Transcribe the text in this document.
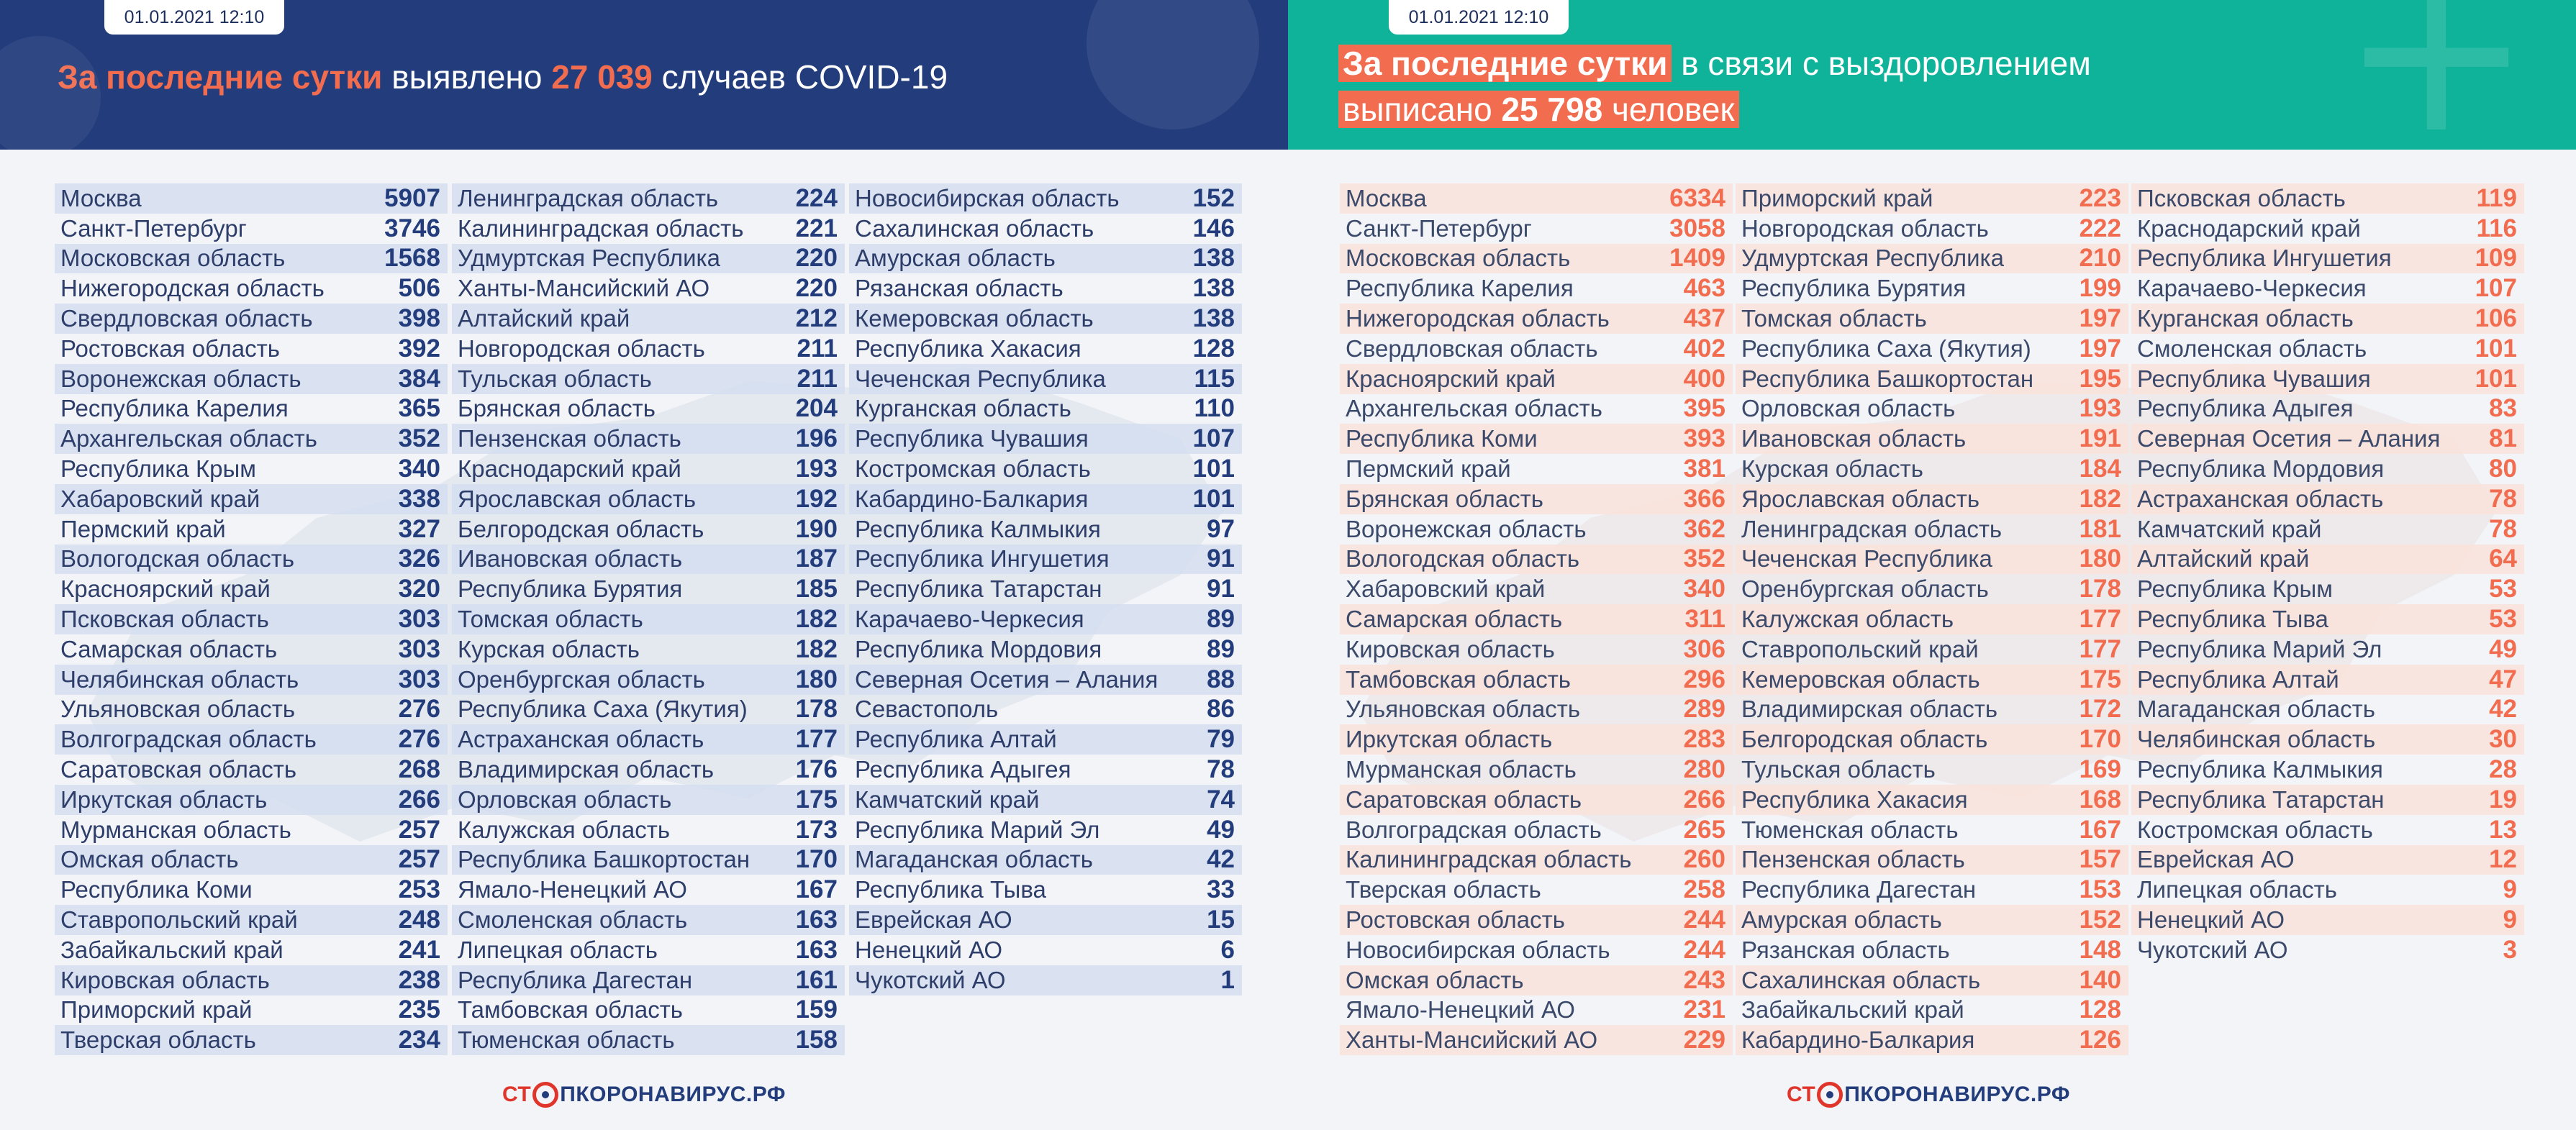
01.01.2021 12:10
За последние сутки выявлено 27 039 случаев COVID-19
Москва	5907
Санкт-Петербург	3746
Московская область	1568
Нижегородская область	506
Свердловская область	398
Ростовская область	392
Воронежская область	384
Республика Карелия	365
Архангельская область	352
Республика Крым	340
Хабаровский край	338
Пермский край	327
Вологодская область	326
Красноярский край	320
Псковская область	303
Самарская область	303
Челябинская область	303
Ульяновская область	276
Волгоградская область	276
Саратовская область	268
Иркутская область	266
Мурманская область	257
Омская область	257
Республика Коми	253
Ставропольский край	248
Забайкальский край	241
Кировская область	238
Приморский край	235
Тверская область	234
Ленинградская область	224
Калининградская область 221
Удмуртская Республика	220
Ханты-Мансийский АО	220
Алтайский край	212
Новгородская область	211
Тульская область	211
Брянская область	204
Пензенская область	196
Краснодарский край	193
Ярославская область	192
Белгородская область	190
Ивановская область	187
Республика Бурятия	185
Томская область	182
Курская область	182
Оренбургская область	180
Республика Саха (Якутия) 178
Астраханская область	177
Владимирская область	176
Орловская область	175
Калужская область	173
Республика Башкортостан 170
Ямало-Ненецкий АО	167
Смоленская область	163
Липецкая область	163
Республика Дагестан	161
Тамбовская область	159
Тюменская область	158
Новосибирская область	152
Сахалинская область	146
Амурская область	138
Рязанская область	138
Кемеровская область	138
Республика Хакасия	128
Чеченская Республика	115
Курганская область	110
Республика Чувашия	107
Костромская область	101
Кабардино-Балкария	101
Республика Калмыкия	97
Республика Ингушетия	91
Республика Татарстан	91
Карачаево-Черкесия	89
Республика Мордовия	89
Северная Осетия – Алания 88
Севастополь	86
Республика Алтай	79
Республика Адыгея	78
Камчатский край	74
Республика Марий Эл	49
Магаданская область	42
Республика Тыва	33
Еврейская АО	15
Ненецкий АО	6
Чукотский АО	1
СТ ПКОРОНАВИРУС.РФ
+ 01.01.2021 12:10
За последние сутки в связи с выздоровлением
выписано 25 798 человек
Москва	6334
Санкт-Петербург	3058
Московская область	1409
Республика Карелия	463
Нижегородская область	437
Свердловская область	402
Красноярский край	400
Архангельская область	395
Республика Коми	393
Пермский край	381
Брянская область	366
Воронежская область	362
Вологодская область	352
Хабаровский край	340
Самарская область	311
Кировская область	306
Тамбовская область	296
Ульяновская область	289
Иркутская область	283
Мурманская область	280
Саратовская область	266
Волгоградская область	265
Калининградская область 260
Тверская область	258
Ростовская область	244
Новосибирская область	244
Омская область	243
Ямало-Ненецкий АО	231
Ханты-Мансийский АО	229
Приморский край	223
Новгородская область	222
Удмуртская Республика	210
Республика Бурятия	199
Томская область	197
Республика Саха (Якутия) 197
Республика Башкортостан 195
Орловская область	193
Ивановская область	191
Курская область	184
Ярославская область	182
Ленинградская область	181
Чеченская Республика	180
Оренбургская область	178
Калужская область	177
Ставропольский край	177
Кемеровская область	175
Владимирская область	172
Белгородская область	170
Тульская область	169
Республика Хакасия	168
Тюменская область	167
Пензенская область	157
Республика Дагестан	153
Амурская область	152
Рязанская область	148
Сахалинская область	140
Забайкальский край	128
Кабардино-Балкария	126
Псковская область	119
Краснодарский край	116
Республика Ингушетия	109
Карачаево-Черкесия	107
Курганская область	106
Смоленская область	101
Республика Чувашия	101
Республика Адыгея	83
Северная Осетия – Алания 81
Республика Мордовия	80
Астраханская область	78
Камчатский край	78
Алтайский край	64
Республика Крым	53
Республика Тыва	53
Республика Марий Эл	49
Республика Алтай	47
Магаданская область	42
Челябинская область	30
Республика Калмыкия	28
Республика Татарстан	19
Костромская область	13
Еврейская АО	12
Липецкая область	9
Ненецкий АО	9
Чукотский АО	3
СТ ПКОРОНАВИРУС.РФ
